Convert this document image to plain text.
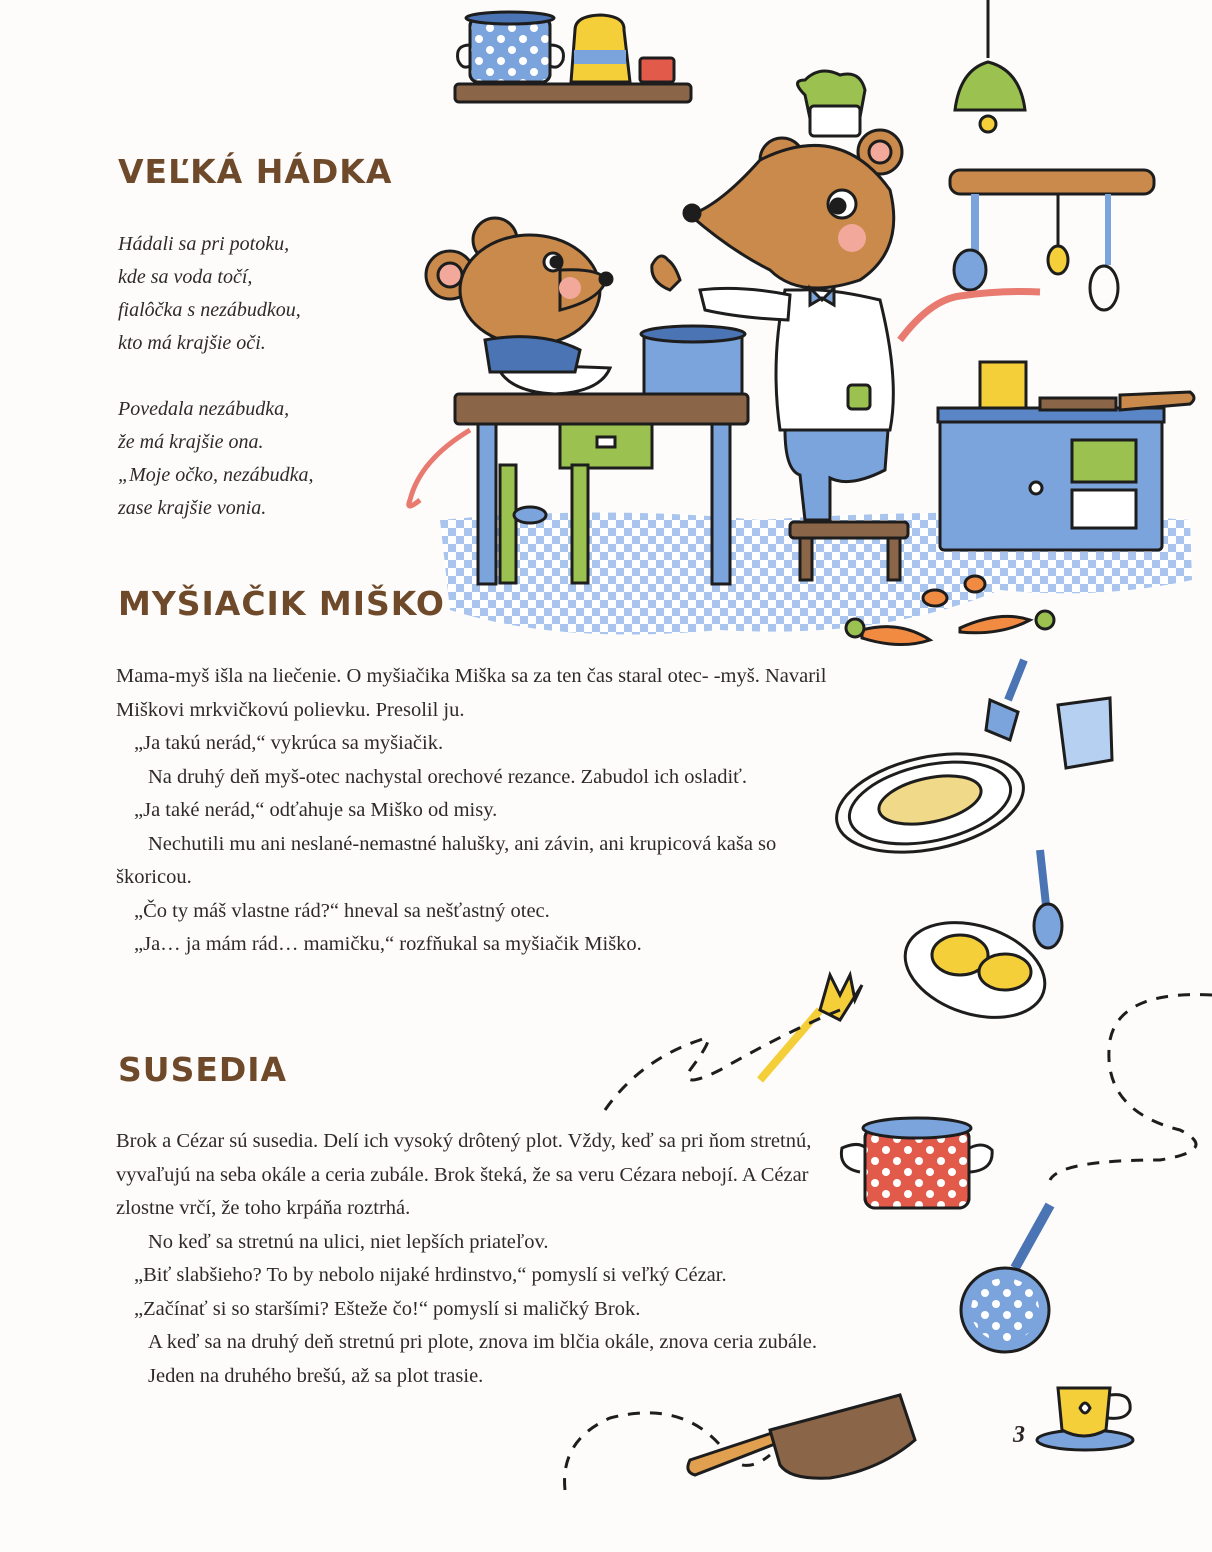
VEĽKÁ HÁDKA
Hádali sa pri potoku,
kde sa voda točí,
fialôčka s nezábudkou,
kto má krajšie oči.
Povedala nezábudka,
že má krajšie ona.
„Moje očko, nezábudka,
zase krajšie vonia.
MYŠIAČIK MIŠKO

Mama-myš išla na liečenie. O myšiačika Miška sa za ten čas staral otec- -myš. Navaril Miškovi mrkvičkovú polievku. Presolil ju.

„Ja takú nerád,“ vykrúca sa myšiačik.

Na druhý deň myš-otec nachystal orechové rezance. Zabudol ich osladiť.

„Ja také nerád,“ odťahuje sa Miško od misy.

Nechutili mu ani neslané-nemastné halušky, ani závin, ani krupicová kaša so škoricou.

„Čo ty máš vlastne rád?“ hneval sa nešťastný otec.

„Ja… ja mám rád… mamičku,“ rozfňukal sa myšiačik Miško.

SUSEDIA

Brok a Cézar sú susedia. Delí ich vysoký drôtený plot. Vždy, keď sa pri ňom stretnú, vyvaľujú na seba okále a ceria zubále. Brok šteká, že sa veru Cézara nebojí. A Cézar zlostne vrčí, že toho krpáňa roztrhá.

No keď sa stretnú na ulici, niet lepších priateľov.

„Biť slabšieho? To by nebolo nijaké hrdinstvo,“ pomyslí si veľký Cézar.

„Začínať si so staršími? Ešteže čo!“ pomyslí si maličký Brok.

A keď sa na druhý deň stretnú pri plote, znova im blčia okále, znova ceria zubále.

Jeden na druhého brešú, až sa plot trasie.

3
